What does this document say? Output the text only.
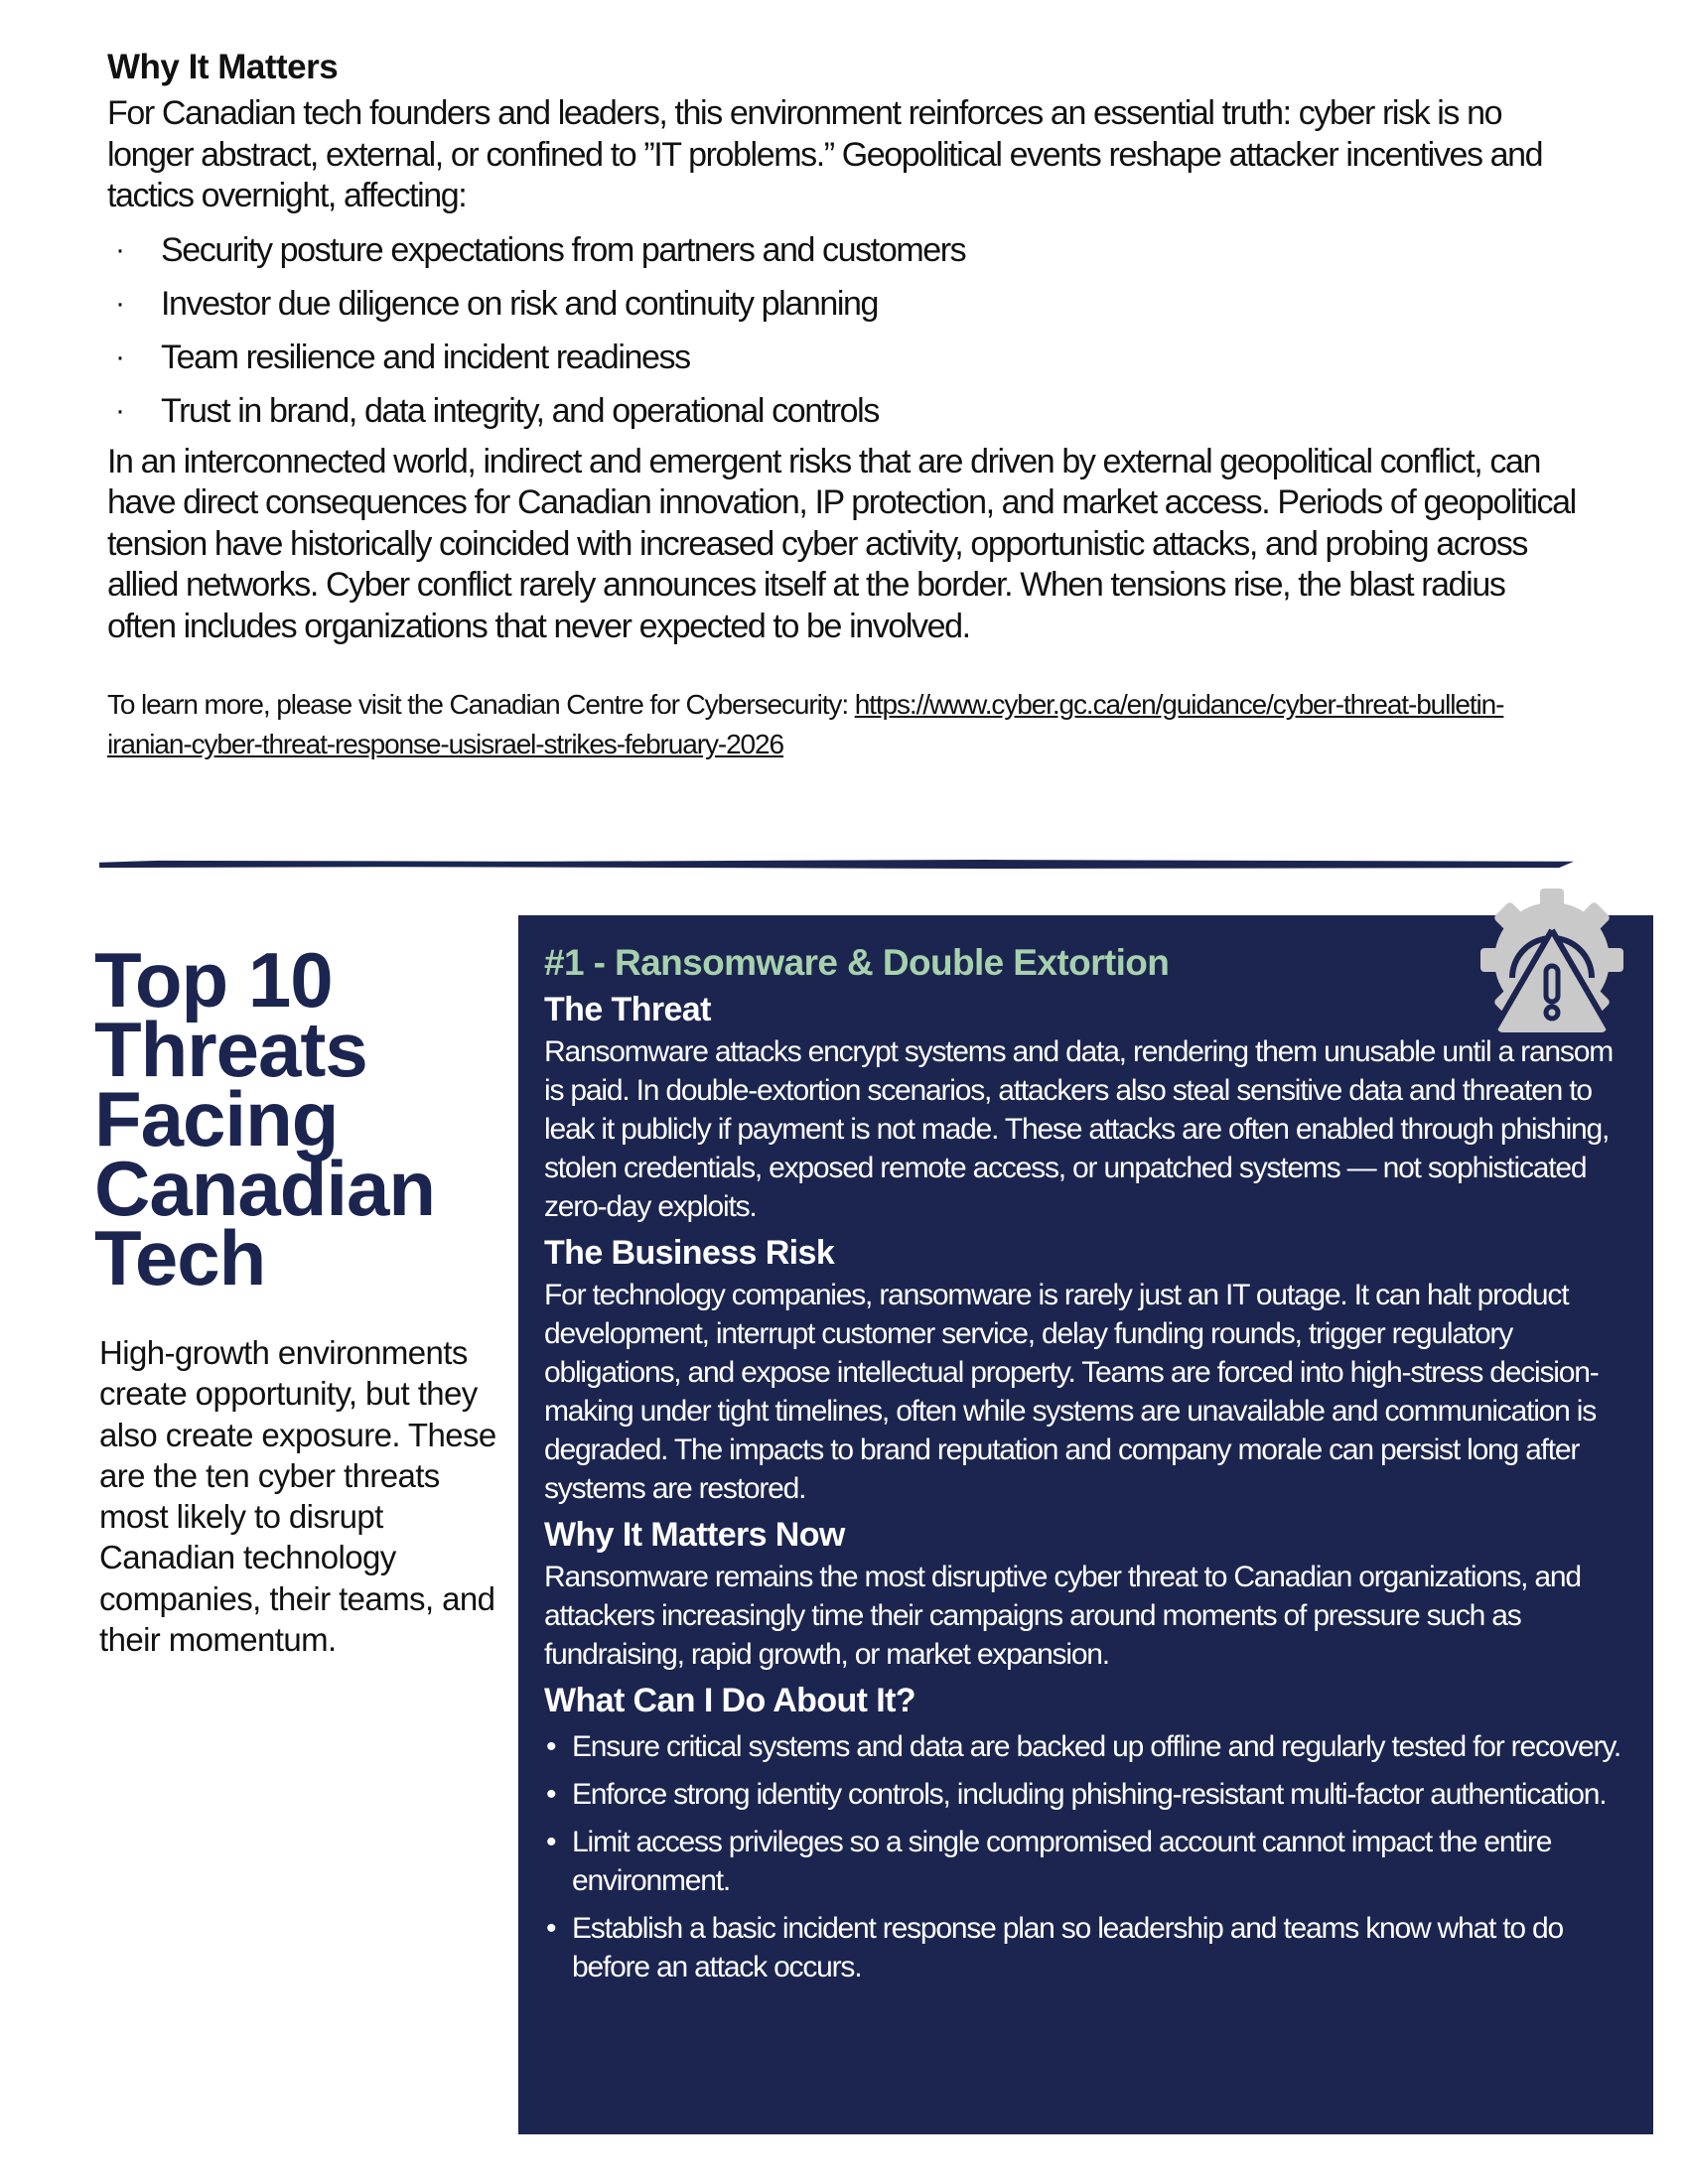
Why It Matters

For Canadian tech founders and leaders, this environment reinforces an essential truth: cyber risk is no longer abstract, external, or confined to ”IT problems.” Geopolitical events reshape attacker incentives and tactics overnight, affecting:

· Security posture expectations from partners and customers
· Investor due diligence on risk and continuity planning
· Team resilience and incident readiness
· Trust in brand, data integrity, and operational controls

In an interconnected world, indirect and emergent risks that are driven by external geopolitical conflict, can have direct consequences for Canadian innovation, IP protection, and market access. Periods of geopolitical tension have historically coincided with increased cyber activity, opportunistic attacks, and probing across allied networks. Cyber conflict rarely announces itself at the border. When tensions rise, the blast radius often includes organizations that never expected to be involved.

To learn more, please visit the Canadian Centre for Cybersecurity: https://www.cyber.gc.ca/en/guidance/cyber-threat-bulletin-iranian-cyber-threat-response-usisrael-strikes-february-2026

Top 10
Threats
Facing
Canadian
Tech

High-growth environments create opportunity, but they also create exposure. These are the ten cyber threats most likely to disrupt Canadian technology companies, their teams, and their momentum.

#1 - Ransomware & Double Extortion
The Threat

Ransomware attacks encrypt systems and data, rendering them unusable until a ransom is paid. In double-extortion scenarios, attackers also steal sensitive data and threaten to leak it publicly if payment is not made. These attacks are often enabled through phishing, stolen credentials, exposed remote access, or unpatched systems — not sophisticated zero-day exploits.

The Business Risk

For technology companies, ransomware is rarely just an IT outage. It can halt product development, interrupt customer service, delay funding rounds, trigger regulatory obligations, and expose intellectual property. Teams are forced into high-stress decision-making under tight timelines, often while systems are unavailable and communication is degraded. The impacts to brand reputation and company morale can persist long after systems are restored.

Why It Matters Now

Ransomware remains the most disruptive cyber threat to Canadian organizations, and attackers increasingly time their campaigns around moments of pressure such as fundraising, rapid growth, or market expansion.

What Can I Do About It?
• Ensure critical systems and data are backed up offline and regularly tested for recovery.
• Enforce strong identity controls, including phishing-resistant multi-factor authentication.
• Limit access privileges so a single compromised account cannot impact the entire environment.
• Establish a basic incident response plan so leadership and teams know what to do before an attack occurs.
